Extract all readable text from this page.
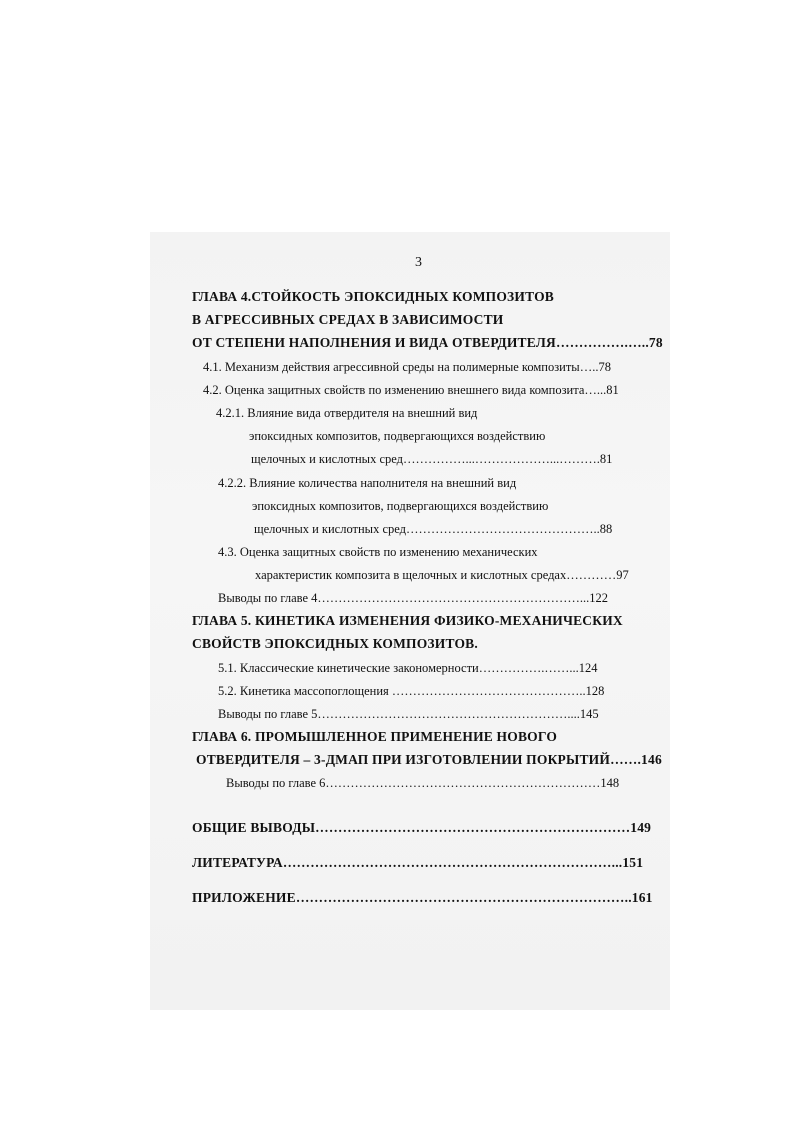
3
ГЛАВА 4.СТОЙКОСТЬ ЭПОКСИДНЫХ КОМПОЗИТОВ
В АГРЕССИВНЫХ СРЕДАХ В ЗАВИСИМОСТИ
ОТ СТЕПЕНИ НАПОЛНЕНИЯ И ВИДА ОТВЕРДИТЕЛЯ…………….…..78
4.1. Механизм действия агрессивной среды на полимерные композиты…..78
4.2. Оценка защитных свойств по изменению внешнего вида композита…...81
4.2.1. Влияние вида отвердителя на внешний вид
эпоксидных композитов, подвергающихся воздействию
щелочных и кислотных сред……………...………………...……….81
4.2.2. Влияние количества наполнителя на внешний вид
эпоксидных композитов, подвергающихся воздействию
щелочных и кислотных сред………………………………………..88
4.3. Оценка защитных свойств по изменению механических
характеристик композита в щелочных и кислотных средах…………97
Выводы по главе 4………………………………………………………...122
ГЛАВА 5. КИНЕТИКА ИЗМЕНЕНИЯ ФИЗИКО-МЕХАНИЧЕСКИХ
СВОЙСТВ ЭПОКСИДНЫХ КОМПОЗИТОВ.
5.1. Классические кинетические закономерности…………….……...124
5.2. Кинетика массопоглощения ………………………………………..128
Выводы по главе 5……………………………………………………....145
ГЛАВА 6. ПРОМЫШЛЕННОЕ ПРИМЕНЕНИЕ НОВОГО
ОТВЕРДИТЕЛЯ – 3-ДМАП ПРИ ИЗГОТОВЛЕНИИ ПОКРЫТИЙ…….146
Выводы по главе 6…………………………………………………………148
ОБЩИЕ ВЫВОДЫ……………………………………………………………149
ЛИТЕРАТУРА………………………………………………………………...151
ПРИЛОЖЕНИЕ………………………………………………………………..161
